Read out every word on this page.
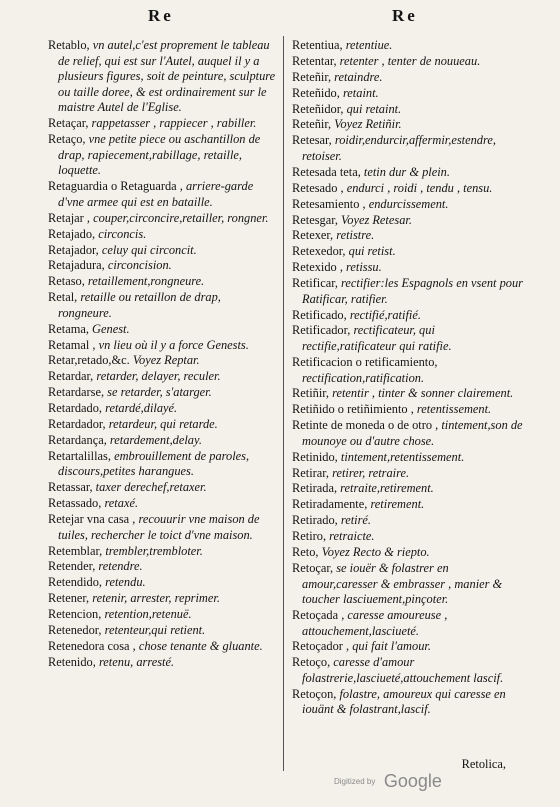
Re	Re
Retablo, vn autel,c'est proprement le tableau de relief, qui est sur l'Autel, auquel il y a plusieurs figures, soit de peinture, sculpture ou taille doree, & est ordinairement sur le maistre Autel de l'Eglise.
Retaçar, rappetasser , rappiecer , rabiller.
Retaço, vne petite piece ou aschantillon de drap, rapiecement,rabillage, retaille, loquette.
Retaguardia o Retaguarda , arriere-garde d'vne armee qui est en bataille.
Retajar , couper,circoncire,retailler, rongner.
Retajado, circoncis.
Retajador, celuy qui circoncit.
Retajadura, circoncision.
Retaso, retaillement,rongneure.
Retal, retaille ou retaillon de drap, rongneure.
Retama, Genest.
Retamal , vn lieu où il y a force Genests.
Retar,retado,&c. Voyez Reptar.
Retardar, retarder, delayer, reculer.
Retardarse, se retarder, s'atarger.
Retardado, retardé,dilayé.
Retardador, retardeur, qui retarde.
Retardança, retardement,delay.
Retartalillas, embrouillement de paroles, discours,petites harangues.
Retassar, taxer derechef,retaxer.
Retassado, retaxé.
Retejar vna casa , recouurir vne maison de tuiles, rechercher le toict d'vne maison.
Retemblar, trembler,trembloter.
Retender, retendre.
Retendido, retendu.
Retener, retenir, arrester, reprimer.
Retencion, retention,retenuë.
Retenedor, retenteur,qui retient.
Retenedora cosa , chose tenante & gluante.
Retenido, retenu, arresté.
Retentiua, retentiue.
Retentar, retenter , tenter de nouueau.
Reteñir, retaindre.
Reteñido, retaint.
Reteñidor, qui retaint.
Reteñir, Voyez Retiñir.
Retesar, roidir,endurcir,affermir,estendre, retoiser.
Retesada teta, tetin dur & plein.
Retesado , endurci , roidi , tendu , tensu.
Retesamiento , endurcissement.
Retesgar, Voyez Retesar.
Retexer, retistre.
Retexedor, qui retist.
Retexido , retissu.
Retificar, rectifier:les Espagnols en vsent pour Ratificar, ratifier.
Retificado, rectifié,ratifié.
Retificador, rectificateur, qui rectifie,ratificateur qui ratifie.
Retificacion o retificamiento, rectification,ratification.
Retiñir, retentir , tinter & sonner clairement.
Retiñido o retiñimiento , retentissement.
Retinte de moneda o de otro , tintement,son de mounoye ou d'autre chose.
Retinido, tintement,retentissement.
Retirar, retirer, retraire.
Retirada, retraite,retirement.
Retiradamente, retirement.
Retirado, retiré.
Retiro, retraicte.
Reto, Voyez Recto & riepto.
Retoçar, se iouër & folastrer en amour,caresser & embrasser , manier & toucher lasciuement,pinçoter.
Retoçada , caresse amoureuse , attouchement,lasciueté.
Retoçador , qui fait l'amour.
Retoço, caresse d'amour folastrerie,lasciueté,attouchement lascif.
Retoçon, folastre, amoureux qui caresse en iouänt & folastrant,lascif.
Retolica,
Digitized by Google
